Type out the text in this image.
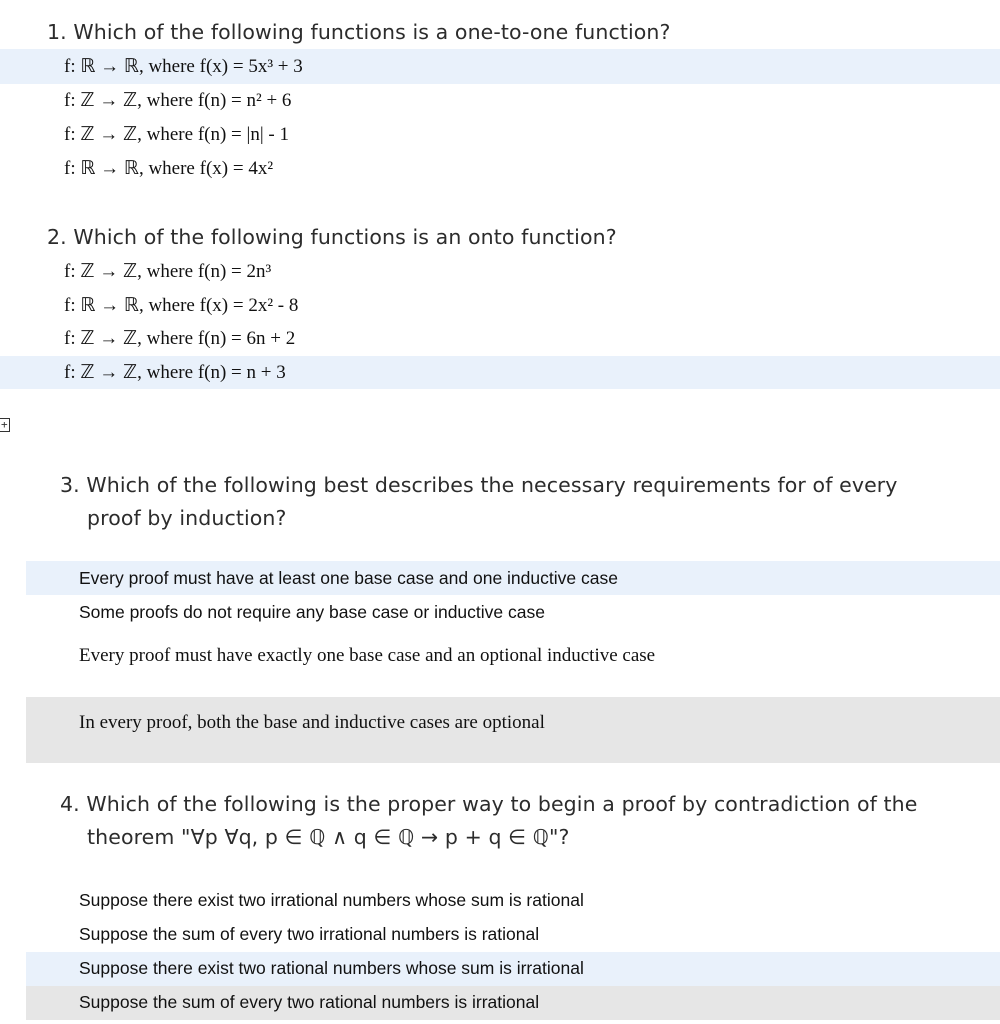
1. Which of the following functions is a one-to-one function?
f: ℝ → ℝ, where f(x) = 5x³ + 3
f: ℤ → ℤ, where f(n) = n² + 6
f: ℤ → ℤ, where f(n) = |n| - 1
f: ℝ → ℝ, where f(x) = 4x²
2. Which of the following functions is an onto function?
f: ℤ → ℤ, where f(n) = 2n³
f: ℝ → ℝ, where f(x) = 2x² - 8
f: ℤ → ℤ, where f(n) = 6n + 2
f: ℤ → ℤ, where f(n) = n + 3
+
3. Which of the following best describes the necessary requirements for of every
proof by induction?
Every proof must have at least one base case and one inductive case
Some proofs do not require any base case or inductive case
Every proof must have exactly one base case and an optional inductive case
In every proof, both the base and inductive cases are optional
4. Which of the following is the proper way to begin a proof by contradiction of the
theorem "∀p ∀q, p ∈ ℚ ∧ q ∈ ℚ → p + q ∈ ℚ"?
Suppose there exist two irrational numbers whose sum is rational
Suppose the sum of every two irrational numbers is rational
Suppose there exist two rational numbers whose sum is irrational
Suppose the sum of every two rational numbers is irrational
